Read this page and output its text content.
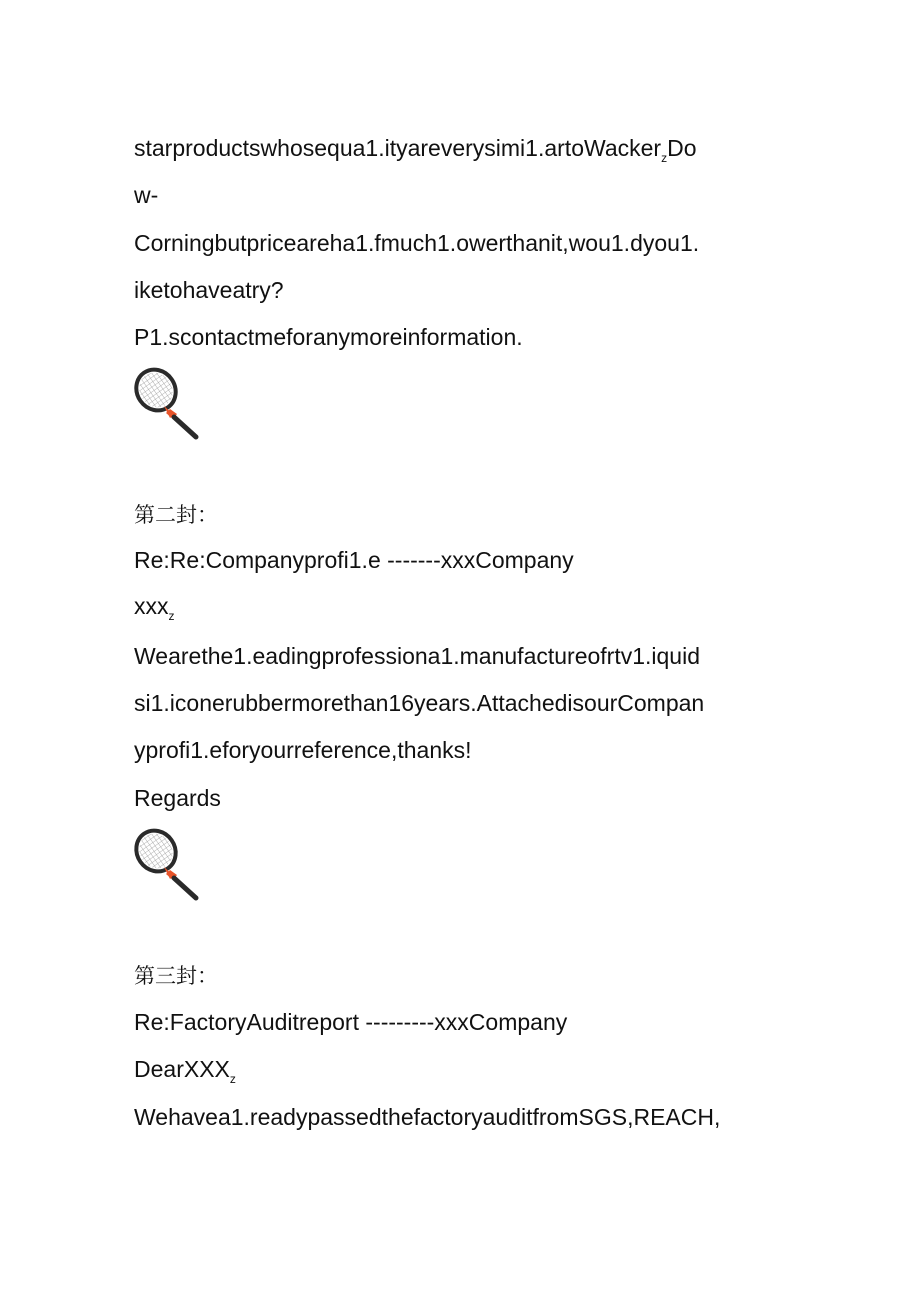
starproductswhosequa1.ityareverysimi1.artoWacker$_z$Do
w-
Corningbutpriceareha1.fmuch1.owerthanit,wou1.dyou1.
iketohaveatry?
P1.scontactmeforanymoreinformation.
第二封：
Re:Re:Companyprofi1.e -------xxxCompany
xxx$_z$
Wearethe1.eadingprofessiona1.manufactureofrtv1.iquid
si1.iconerubbermorethan16years.AttachedisourCompan
yprofi1.eforyourreference,thanks!
Regards
第三封：
Re:FactoryAuditreport ---------xxxCompany
DearXXX$_z$
Wehavea1.readypassedthefactoryauditfromSGS,REACH,
